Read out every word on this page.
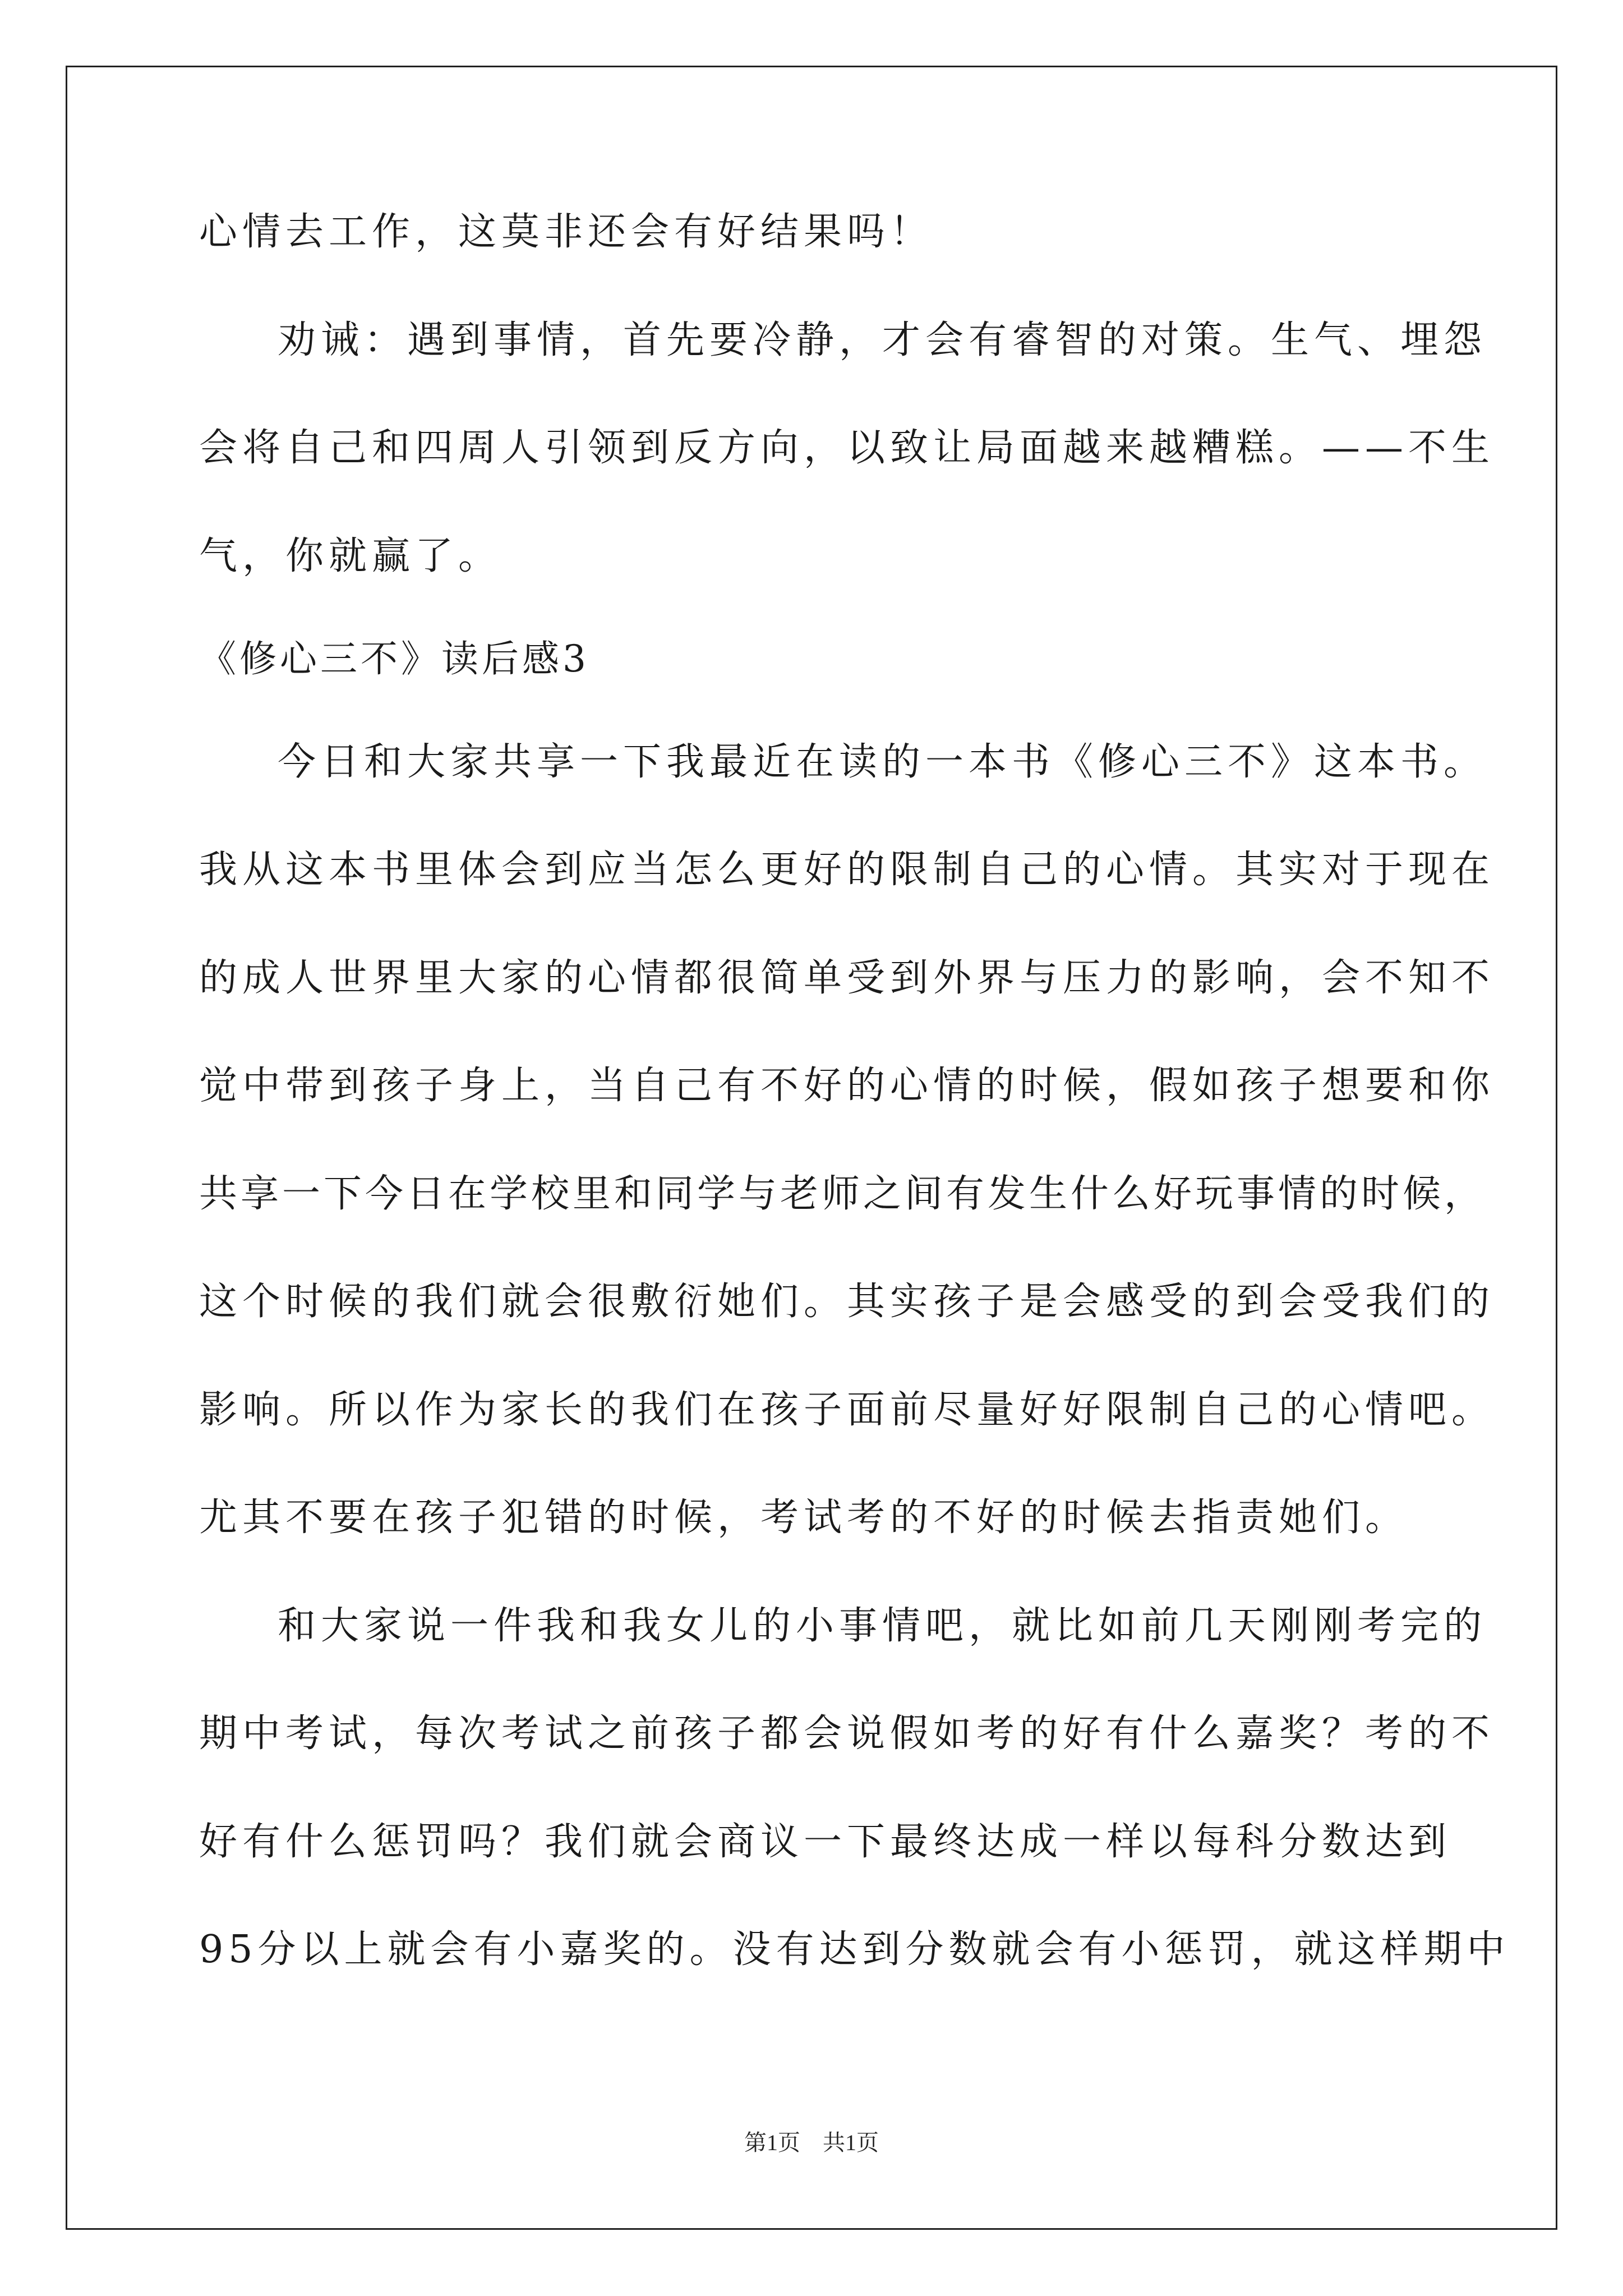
心情去工作，这莫非还会有好结果吗！
劝诫：遇到事情，首先要冷静，才会有睿智的对策。生气、埋怨
会将自己和四周人引领到反方向，以致让局面越来越糟糕。——不生
气，你就赢了。
《修心三不》读后感3
今日和大家共享一下我最近在读的一本书《修心三不》这本书。
我从这本书里体会到应当怎么更好的限制自己的心情。其实对于现在
的成人世界里大家的心情都很简单受到外界与压力的影响，会不知不
觉中带到孩子身上，当自己有不好的心情的时候，假如孩子想要和你
共享一下今日在学校里和同学与老师之间有发生什么好玩事情的时候，
这个时候的我们就会很敷衍她们。其实孩子是会感受的到会受我们的
影响。所以作为家长的我们在孩子面前尽量好好限制自己的心情吧。
尤其不要在孩子犯错的时候，考试考的不好的时候去指责她们。
和大家说一件我和我女儿的小事情吧，就比如前几天刚刚考完的
期中考试，每次考试之前孩子都会说假如考的好有什么嘉奖？考的不
好有什么惩罚吗？我们就会商议一下最终达成一样以每科分数达到
95分以上就会有小嘉奖的。没有达到分数就会有小惩罚，就这样期中
第1页　共1页
